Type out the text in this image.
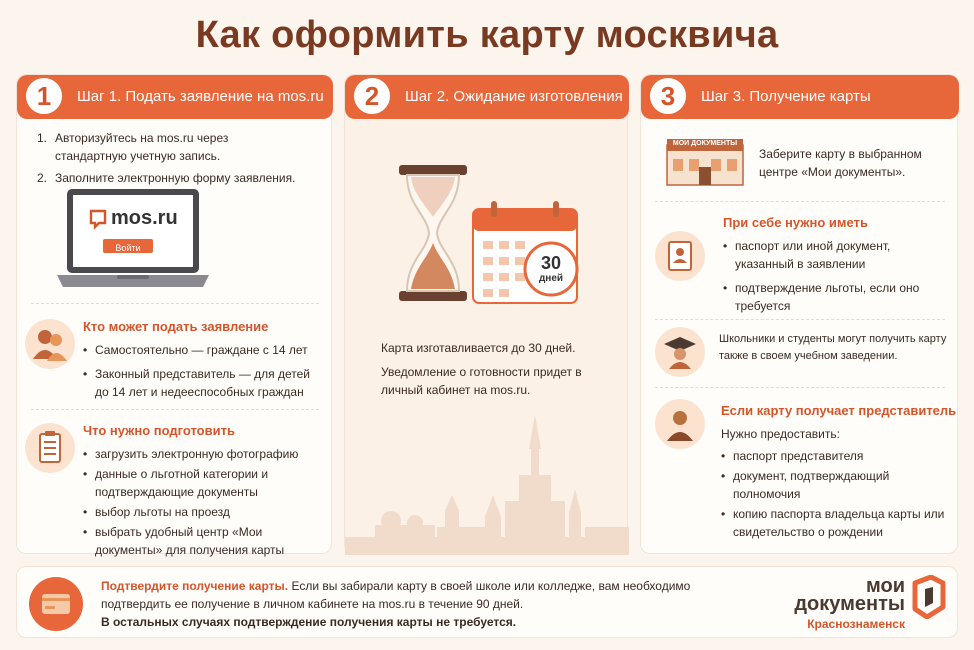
Как оформить карту москвича
1	Шаг 1. Подать заявление на mos.ru
1. Авторизуйтесь на mos.ru через стандартную учетную запись.
2. Заполните электронную форму заявления.
mos.ru
Войти
Кто может подать заявление
• Самостоятельно — граждане с 14 лет
• Законный представитель — для детей до 14 лет и недееспособных граждан
Что нужно подготовить
• загрузить электронную фотографию
• данные о льготной категории и подтверждающие документы
• выбор льготы на проезд
• выбрать удобный центр «Мои документы» для получения карты
2	Шаг 2. Ожидание изготовления
30
дней
Карта изготавливается до 30 дней.
Уведомление о готовности придет в личный кабинет на mos.ru.
3	Шаг 3. Получение карты
МОИ ДОКУМЕНТЫ
Заберите карту в выбранном центре «Мои документы».
При себе нужно иметь
• паспорт или иной документ, указанный в заявлении
• подтверждение льготы, если оно требуется
Школьники и студенты могут получить карту также в своем учебном заведении.
Если карту получает представитель
Нужно предоставить:
• паспорт представителя
• документ, подтверждающий полномочия
• копию паспорта владельца карты или свидетельство о рождении
Подтвердите получение карты. Если вы забирали карту в своей школе или колледже, вам необходимо подтвердить ее получение в личном кабинете на mos.ru в течение 90 дней.
В остальных случаях подтверждение получения карты не требуется.
мои
документы
Краснознаменск
